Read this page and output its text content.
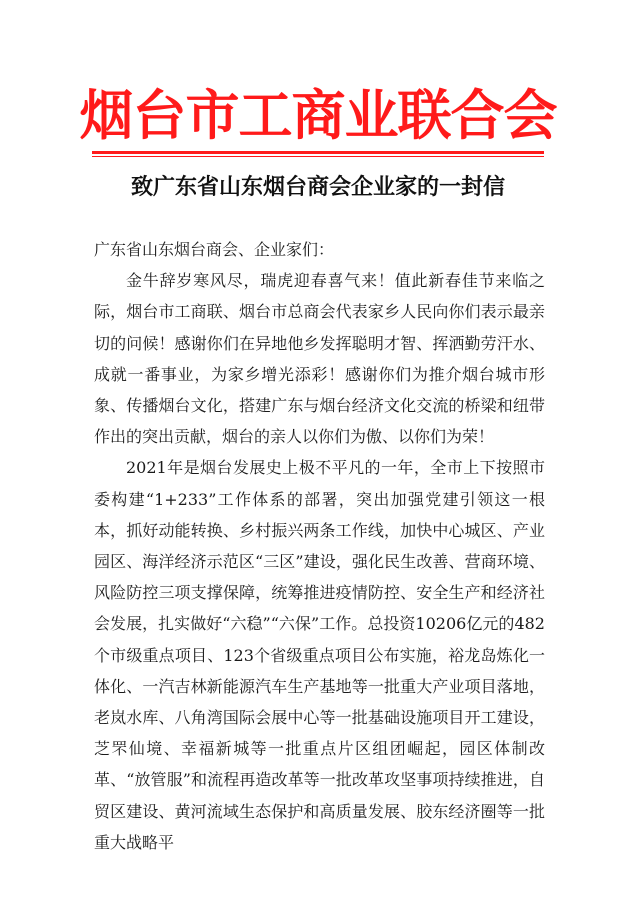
烟台市工商业联合会
致广东省山东烟台商会企业家的一封信

广东省山东烟台商会、企业家们：

金牛辞岁寒风尽，瑞虎迎春喜气来！值此新春佳节来临之际，烟台市工商联、烟台市总商会代表家乡人民向你们表示最亲切的问候！感谢你们在异地他乡发挥聪明才智、挥洒勤劳汗水、成就一番事业，为家乡增光添彩！感谢你们为推介烟台城市形象、传播烟台文化，搭建广东与烟台经济文化交流的桥梁和纽带作出的突出贡献，烟台的亲人以你们为傲、以你们为荣！

2021年是烟台发展史上极不平凡的一年，全市上下按照市委构建“1+233”工作体系的部署，突出加强党建引领这一根本，抓好动能转换、乡村振兴两条工作线，加快中心城区、产业园区、海洋经济示范区“三区”建设，强化民生改善、营商环境、风险防控三项支撑保障，统筹推进疫情防控、安全生产和经济社会发展，扎实做好“六稳”“六保”工作。总投资10206亿元的482个市级重点项目、123个省级重点项目公布实施，裕龙岛炼化一体化、一汽吉林新能源汽车生产基地等一批重大产业项目落地，老岚水库、八角湾国际会展中心等一批基础设施项目开工建设，芝罘仙境、幸福新城等一批重点片区组团崛起，园区体制改革、“放管服”和流程再造改革等一批改革攻坚事项持续推进，自贸区建设、黄河流域生态保护和高质量发展、胶东经济圈等一批重大战略平
